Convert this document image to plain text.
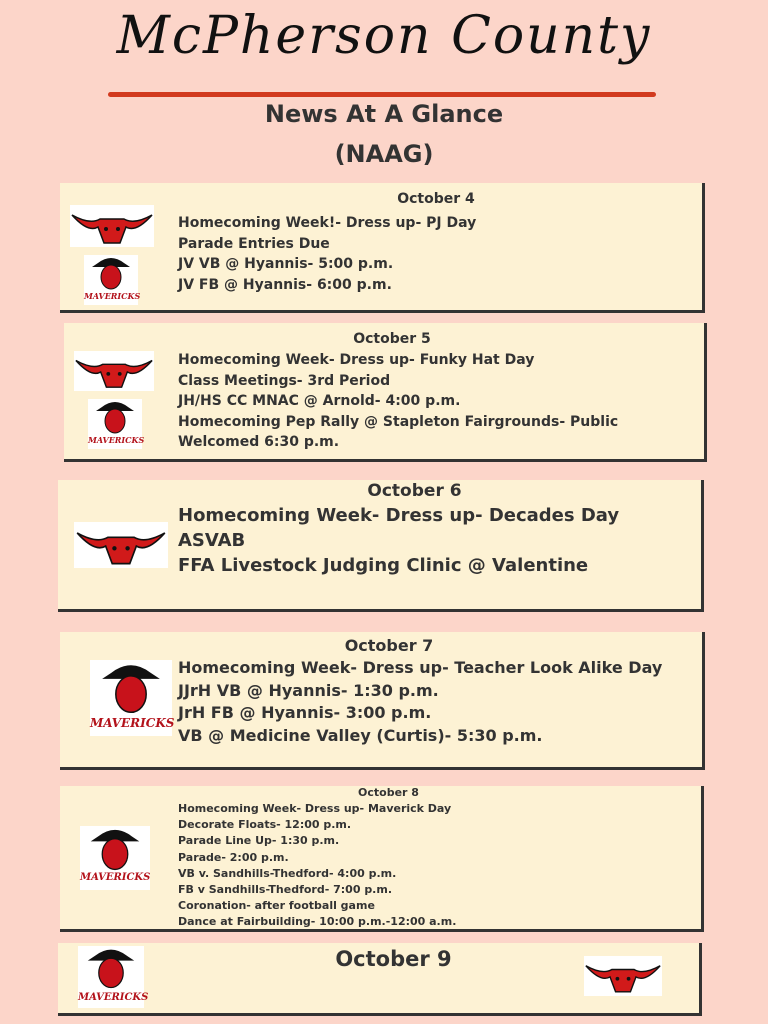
McPherson County
News At A Glance
(NAAG)
October 4
MAVERICKS
Homecoming Week!- Dress up- PJ Day
Parade Entries Due
JV VB @ Hyannis- 5:00 p.m.
JV FB @ Hyannis- 6:00 p.m.
October 5
MAVERICKS
Homecoming Week- Dress up- Funky Hat Day
Class Meetings- 3rd Period
JH/HS CC MNAC @ Arnold- 4:00 p.m.
Homecoming Pep Rally @ Stapleton Fairgrounds- Public
Welcomed 6:30 p.m.
October 6
Homecoming Week- Dress up- Decades Day
ASVAB
FFA Livestock Judging Clinic @ Valentine
October 7
MAVERICKS
Homecoming Week- Dress up- Teacher Look Alike Day
JJrH VB @ Hyannis- 1:30 p.m.
JrH FB @ Hyannis- 3:00 p.m.
VB @ Medicine Valley (Curtis)- 5:30 p.m.
October 8
MAVERICKS
Homecoming Week- Dress up- Maverick Day
Decorate Floats- 12:00 p.m.
Parade Line Up- 1:30 p.m.
Parade- 2:00 p.m.
VB v. Sandhills-Thedford- 4:00 p.m.
FB v Sandhills-Thedford- 7:00 p.m.
Coronation- after football game
Dance at Fairbuilding- 10:00 p.m.-12:00 a.m.
October 9
MAVERICKS
